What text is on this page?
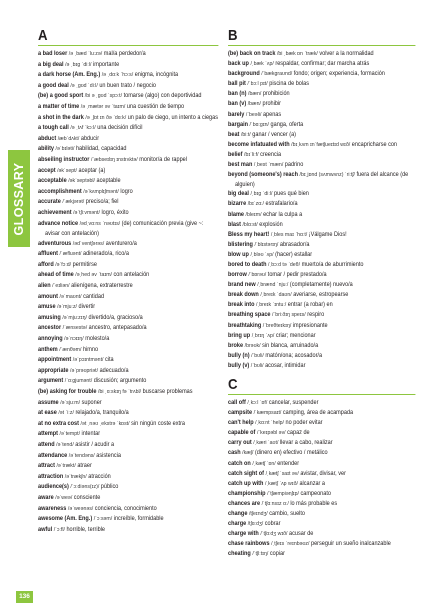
GLOSSARY
A

a bad loser /ə ˌbæd ˈluːzə/ mal/a perdedor/a

a big deal /ə ˌbɪɡ ˈdiːl/ importante

a dark horse (Am. Eng.) /ə ˌdɑːk ˈhɔːs/ enigma, incógnita

a good deal /ə ˌɡʊd ˈdiːl/ un buen trato / negocio

(be) a good sport /bi ə ˌɡʊd ˈspɔːt/ tomarse (algo) con deportividad

a matter of time /ə ˌmætər əv ˈtaɪm/ una cuestión de tiempo

a shot in the dark /ə ˌʃɒt ɪn ðə ˈdɑːk/ un palo de ciego, un intento a ciegas

a tough call /ə ˌtʌf ˈkɔːl/ una decisión difícil

abduct /æbˈdʌkt/ abducir

ability /əˈbɪləti/ habilidad, capacidad

abseiling instructor /ˈæbseɪlɪŋ ɪnstrʌktə/ monitor/a de rappel

accept /əkˈsept/ aceptar (a)

acceptable /əkˈseptəbl/ aceptable

accomplishment /əˈkʌmplɪʃmənt/ logro

accurate /ˈækjərət/ preciso/a; fiel

achievement /əˈtʃiːvmənt/ logro, éxito

advance notice /ədˌvɑːns ˈnəʊtɪs/ (de) comunicación previa (give ~: avisar con antelación)

adventurous /ədˈventʃərəs/ aventurero/a

affluent /ˈæfluənt/ adinerado/a, rico/a

afford /əˈfɔːd/ permitirse

ahead of time /əˌhed əv ˈtaɪm/ con antelación

alien /ˈeɪliən/ alienígena, extraterrestre

amount /əˈmaʊnt/ cantidad

amuse /əˈmjuːz/ divertir

amusing /əˈmjuːzɪŋ/ divertido/a, gracioso/a

ancestor /ˈænsestə/ ancestro, antepasado/a

annoying /əˈnɔɪɪŋ/ molesto/a

anthem /ˈænθəm/ himno

appointment /əˈpɔɪntmənt/ cita

appropriate /əˈprəʊpriət/ adecuado/a

argument /ˈɑːɡjumənt/ discusión; argumento

(be) asking for trouble /bi ˌɑːskɪŋ fə ˈtrʌbl/ buscarse problemas

assume /əˈsjuːm/ suponer

at ease /ət ˈiːz/ relajado/a, tranquilo/a

at no extra cost /ət ˌnəʊ ˌekstrə ˈkɒst/ sin ningún coste extra

attempt /əˈtempt/ intentar

attend /əˈtend/ asistir / acudir a

attendance /əˈtendəns/ asistencia

attract /əˈtrækt/ atraer

attraction /əˈtrækʃn/ atracción

audience(s) /ˈɔːdiəns(ɪz)/ público

aware /əˈweə/ consciente

awareness /əˈweənəs/ conciencia, conocimiento

awesome (Am. Eng.) /ˈɔːsəm/ increíble, formidable

awful /ˈɔːfl/ horrible, terrible

B

(be) back on track /bi ˌbæk ɒn ˈtræk/ volver a la normalidad

back up /ˌbæk ˈʌp/ respaldar, confirmar; dar marcha atrás

background /ˈbækɡraʊnd/ fondo; origen; experiencia, formación

ball pit /ˈbɔːl pɪt/ piscina de bolas

ban (n) /bæn/ prohibición

ban (v) /bæn/ prohibir

barely /ˈbeəli/ apenas

bargain /ˈbɑːɡɪn/ ganga, oferta

beat /biːt/ ganar / vencer (a)

become infatuated with /bɪˌkʌm ɪnˈfætʃueɪtɪd wɪð/ encapricharse con

belief /bɪˈliːf/ creencia

best man /ˌbest ˈmæn/ padrino

beyond (someone's) reach /bɪˌjɒnd (sʌmwʌnz) ˈriːtʃ/ fuera del alcance (de alguien)

big deal /ˌbɪɡ ˈdiːl/ pues qué bien

bizarre /bɪˈzɑː/ estrafalario/a

blame /bleɪm/ echar la culpa a

blast /blɑːst/ explosión

Bless my heart! /ˌbles maɪ ˈhɑːt/ ¡Válgame Dios!

blistering /ˈblɪstərɪŋ/ abrasador/a

blow up /ˌbləʊ ˈʌp/ (hacer) estallar

bored to death /ˌbɔːd tə ˈdeθ/ muerto/a de aburrimiento

borrow /ˈbɒrəʊ/ tomar / pedir prestado/a

brand new /ˌbrænd ˈnjuː/ (completamente) nuevo/a

break down /ˌbreɪk ˈdaʊn/ averiarse, estropearse

break into /ˌbreɪk ˈɪntuː/ entrar (a robar) en

breathing space /ˈbriːðɪŋ speɪs/ respiro

breathtaking /ˈbreθteɪkɪŋ/ impresionante

bring up /ˌbrɪŋ ˈʌp/ criar; mencionar

broke /brəʊk/ sin blanca, arruinado/a

bully (n) /ˈbʊli/ matón/ona; acosador/a

bully (v) /ˈbʊli/ acosar, intimidar

C

call off /ˌkɔːl ˈɒf/ cancelar, suspender

campsite /ˈkæmpsaɪt/ camping, área de acampada

can't help /ˌkɑːnt ˈhelp/ no poder evitar

capable of /ˈkeɪpəbl əv/ capaz de

carry out /ˌkæri ˈaʊt/ llevar a cabo, realizar

cash /kæʃ/ (dinero en) efectivo / metálico

catch on /ˌkætʃ ˈɒn/ entender

catch sight of /ˌkætʃ ˈsaɪt əv/ avistar, divisar, ver

catch up with /ˌkætʃ ˈʌp wɪð/ alcanzar a

championship /ˈtʃæmpiənʃɪp/ campeonato

chances are /ˈtʃɑːnsɪz ɑː/ lo más probable es

change /tʃeɪndʒ/ cambio, suelto

charge /tʃɑːdʒ/ cobrar

charge with /ˈtʃɑːdʒ wɪð/ acusar de

chase rainbows /ˌtʃeɪs ˈreɪnbəʊz/ perseguir un sueño inalcanzable

cheating /ˈtʃiːtɪŋ/ copiar

136
